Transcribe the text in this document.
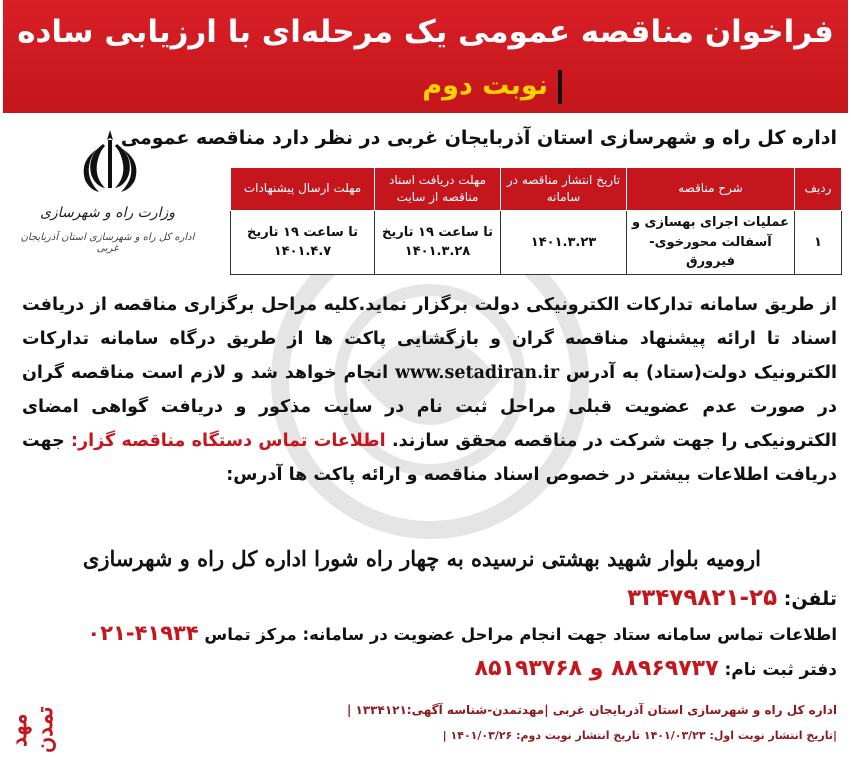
فراخوان مناقصه عمومی یک مرحله‌ای با ارزیابی ساده
نوبت دوم
اداره کل راه و شهرسازی استان آذربایجان غربی در نظر دارد مناقصه عمومی
وزارت راه و شهرسازی
اداره کل راه و شهرسازی استان آذربایجان غربی
ردیف	شرح مناقصه	تاریخ انتشار مناقصه در سامانه	مهلت دریافت اسناد مناقصه از سایت	مهلت ارسال پیشنهادات
۱	عملیات اجرای بهسازی و آسفالت محورخوی-فیرورق	۱۴۰۱.۳.۲۳	تا ساعت ۱۹ تاریخ ۱۴۰۱.۳.۲۸	تا ساعت ۱۹ تاریخ ۱۴۰۱.۴.۷
از طریق سامانه تدارکات الکترونیکی دولت برگزار نماید.کلیه مراحل برگزاری مناقصه از دریافت اسناد تا ارائه پیشنهاد مناقصه گران و بازگشایی پاکت ها از طریق درگاه سامانه تدارکات الکترونیک دولت(ستاد) به آدرس www.setadiran.ir انجام خواهد شد و لازم است مناقصه گران در صورت عدم عضویت قبلی مراحل ثبت نام در سایت مذکور و دریافت گواهی امضای الکترونیکی را جهت شرکت در مناقصه محقق سازند. اطلاعات تماس دستگاه مناقصه گزار: جهت دریافت اطلاعات بیشتر در خصوص اسناد مناقصه و ارائه پاکت ها آدرس:
ارومیه بلوار شهید بهشتی نرسیده به چهار راه شورا اداره کل راه و شهرسازی
تلفن: ۲۵-۳۳۴۷۹۸۲۱
اطلاعات تماس سامانه ستاد جهت انجام مراحل عضویت در سامانه: مرکز تماس ۴۱۹۳۴-۰۲۱
دفتر ثبت نام: ۸۸۹۶۹۷۳۷ و ۸۵۱۹۳۷۶۸
اداره کل راه و شهرسازی استان آذربایجان غربی |مهدتمدن-شناسه آگهی:۱۳۳۴۱۲۱ |
|تاریخ انتشار نوبت اول: ۱۴۰۱/۰۳/۲۳ تاریخ انتشار نوبت دوم: ۱۴۰۱/۰۳/۲۶ |
مهد تمدن
